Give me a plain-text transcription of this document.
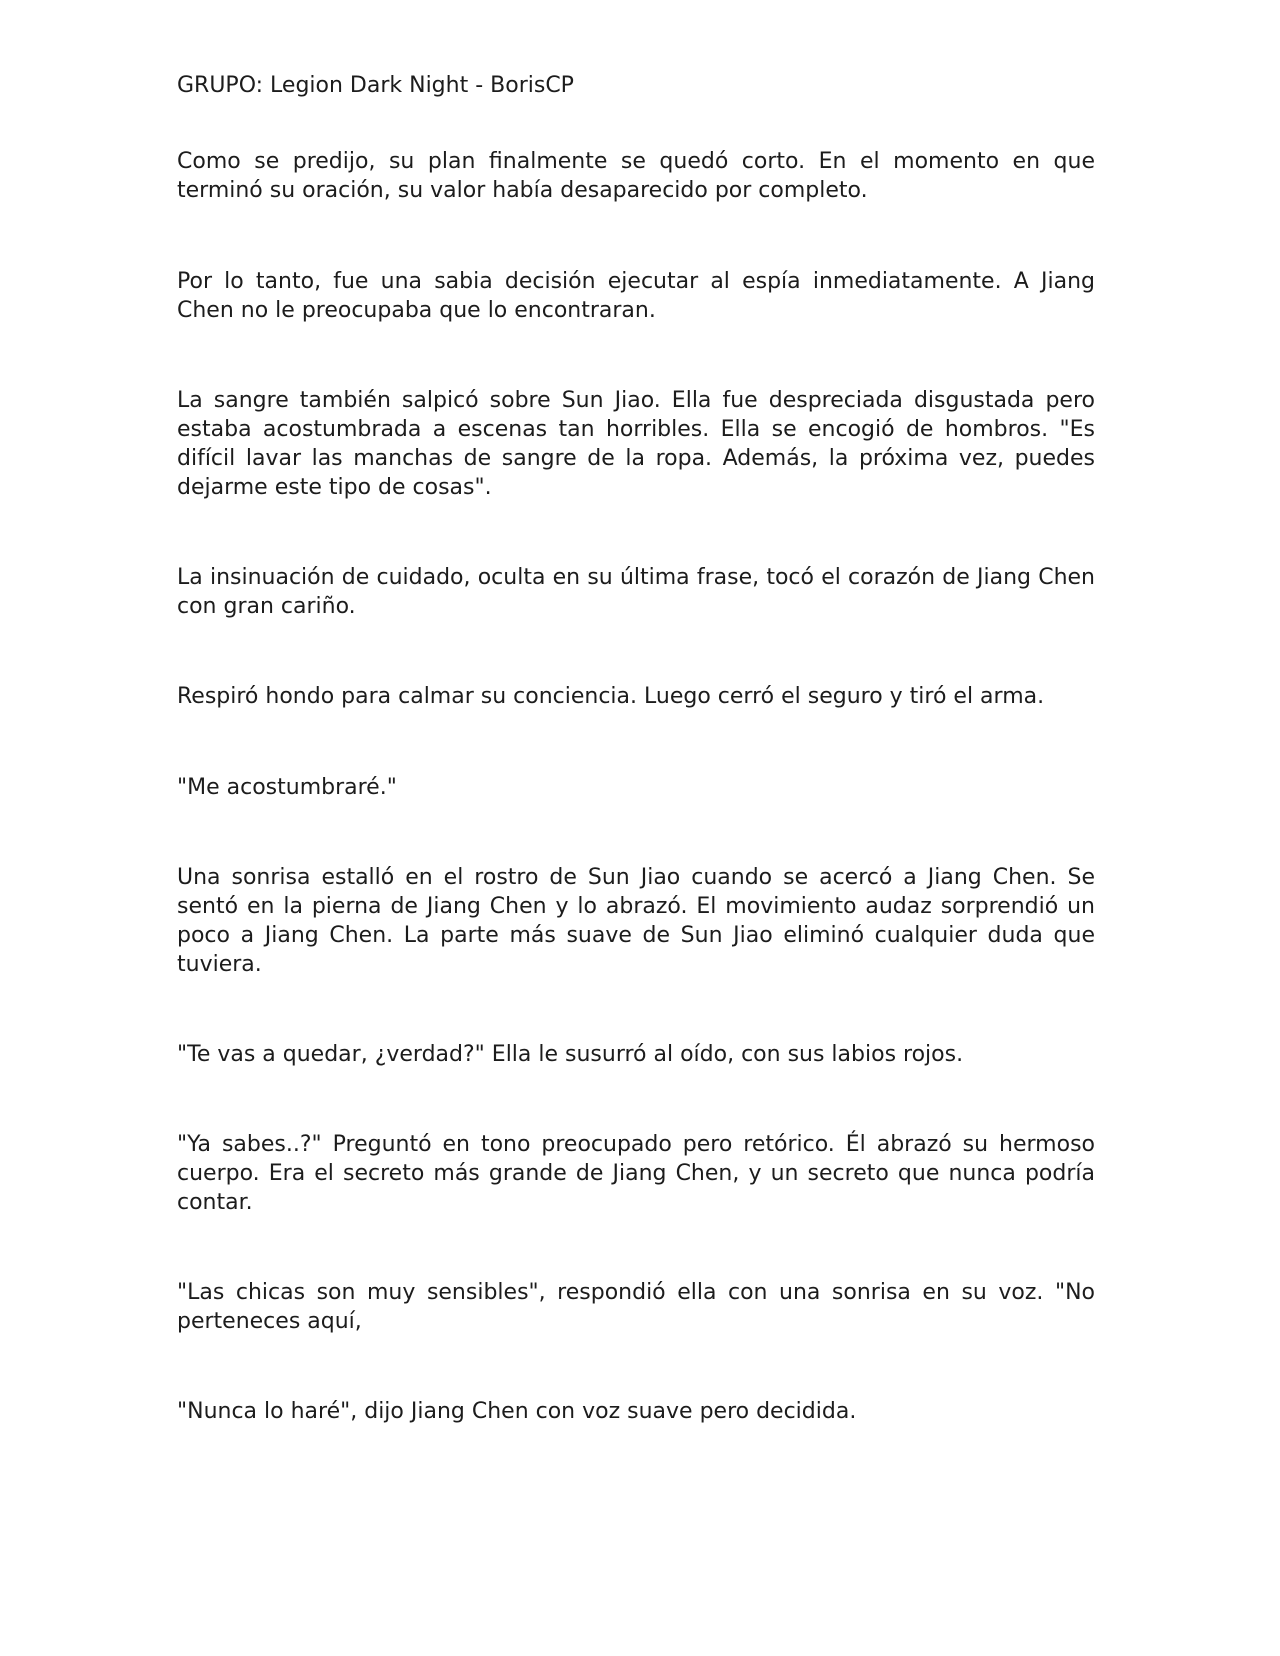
GRUPO: Legion Dark Night - BorisCP

Como se predijo, su plan finalmente se quedó corto. En el momento en que terminó su oración, su valor había desaparecido por completo.

Por lo tanto, fue una sabia decisión ejecutar al espía inmediatamente. A Jiang Chen no le preocupaba que lo encontraran.

La sangre también salpicó sobre Sun Jiao. Ella fue despreciada disgustada pero estaba acostumbrada a escenas tan horribles. Ella se encogió de hombros. "Es difícil lavar las manchas de sangre de la ropa. Además, la próxima vez, puedes dejarme este tipo de cosas".

La insinuación de cuidado, oculta en su última frase, tocó el corazón de Jiang Chen con gran cariño.

Respiró hondo para calmar su conciencia. Luego cerró el seguro y tiró el arma.

"Me acostumbraré."

Una sonrisa estalló en el rostro de Sun Jiao cuando se acercó a Jiang Chen. Se sentó en la pierna de Jiang Chen y lo abrazó. El movimiento audaz sorprendió un poco a Jiang Chen. La parte más suave de Sun Jiao eliminó cualquier duda que tuviera.

"Te vas a quedar, ¿verdad?" Ella le susurró al oído, con sus labios rojos.

"Ya sabes..?" Preguntó en tono preocupado pero retórico. Él abrazó su hermoso cuerpo. Era el secreto más grande de Jiang Chen, y un secreto que nunca podría contar.

"Las chicas son muy sensibles", respondió ella con una sonrisa en su voz. "No perteneces aquí,

"Nunca lo haré", dijo Jiang Chen con voz suave pero decidida.
